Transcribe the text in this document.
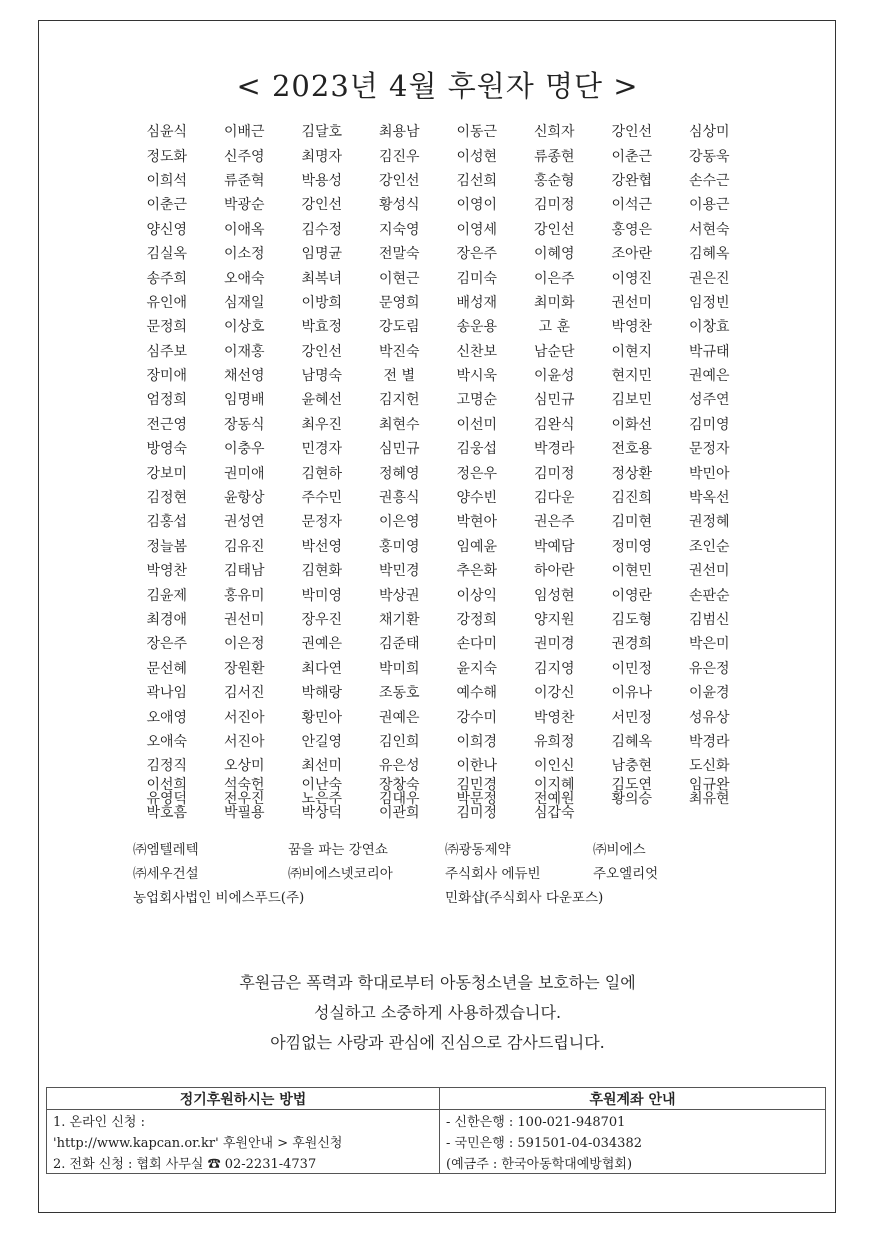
< 2023년 4월 후원자 명단 >
심윤식	이배근	김달호	최용남	이동근	신희자	강인선	심상미
정도화	신주영	최명자	김진우	이성현	류종현	이춘근	강동욱
이희석	류준혁	박용성	강인선	김선희	홍순형	강완협	손수근
이춘근	박광순	강인선	황성식	이영이	김미정	이석근	이용근
양신영	이애옥	김수정	지숙영	이영세	강인선	홍영은	서현숙
김실옥	이소정	임명균	전말숙	장은주	이혜영	조아란	김혜옥
송주희	오애숙	최복녀	이현근	김미숙	이은주	이영진	권은진
유인애	심재일	이방희	문영희	배성재	최미화	권선미	임정빈
문정희	이상호	박효정	강도림	송운용	고 훈	박영찬	이창효
심주보	이재홍	강인선	박진숙	신찬보	남순단	이현지	박규태
장미애	채선영	남명숙	전 별	박시욱	이윤성	현지민	권예은
엄정희	임명배	윤혜선	김지헌	고명순	심민규	김보민	성주연
전근영	장동식	최우진	최현수	이선미	김완식	이화선	김미영
방영숙	이충우	민경자	심민규	김웅섭	박경라	전호용	문정자
강보미	권미애	김현하	정혜영	정은우	김미정	정상환	박민아
김정현	윤항상	주수민	권흥식	양수빈	김다운	김진희	박옥선
김홍섭	권성연	문정자	이은영	박현아	권은주	김미현	권정혜
정늘봄	김유진	박선영	홍미영	임예윤	박예담	정미영	조인순
박영찬	김태남	김현화	박민경	추은화	하아란	이현민	권선미
김윤제	홍유미	박미영	박상권	이상익	임성현	이영란	손판순
최경애	권선미	장우진	채기환	강정희	양지원	김도형	김범신
장은주	이은정	권예은	김준태	손다미	권미경	권경희	박은미
문선혜	장원환	최다연	박미희	윤지숙	김지영	이민정	유은정
곽나임	김서진	박해랑	조동호	예수해	이강신	이유나	이윤경
오애영	서진아	황민아	권예은	강수미	박영찬	서민정	성유상
오애숙	서진아	안길영	김인희	이희경	유희정	김혜옥	박경라
김정직	오상미	최선미	유은성	이한나	이인신	남충현	도신화
이선희	석숙헌	이난숙	장창숙	김민경	이지혜	김도연	임규완
유영덕	전우진	노은주	김대우	박문정	전예원	황의승	최유현
박호흠	박필용	박상덕	이관희	김미정	심갑숙
㈜엠텔레텍	꿈을 파는 강연쇼	㈜광동제약	㈜비에스
㈜세우건설	㈜비에스넷코리아	주식회사 에듀빈	주오엘리엇
농업회사법인 비에스푸드(주)	민화샵(주식회사 다운포스)
후원금은 폭력과 학대로부터 아동청소년을 보호하는 일에
성실하고 소중하게 사용하겠습니다.
아낌없는 사랑과 관심에 진심으로 감사드립니다.
정기후원하시는 방법	후원계좌 안내
1. 온라인 신청 :	- 신한은행 : 100-021-948701
'http://www.kapcan.or.kr' 후원안내 > 후원신청	- 국민은행 : 591501-04-034382
2. 전화 신청 : 협회 사무실 ☎ 02-2231-4737	(예금주 : 한국아동학대예방협회)
